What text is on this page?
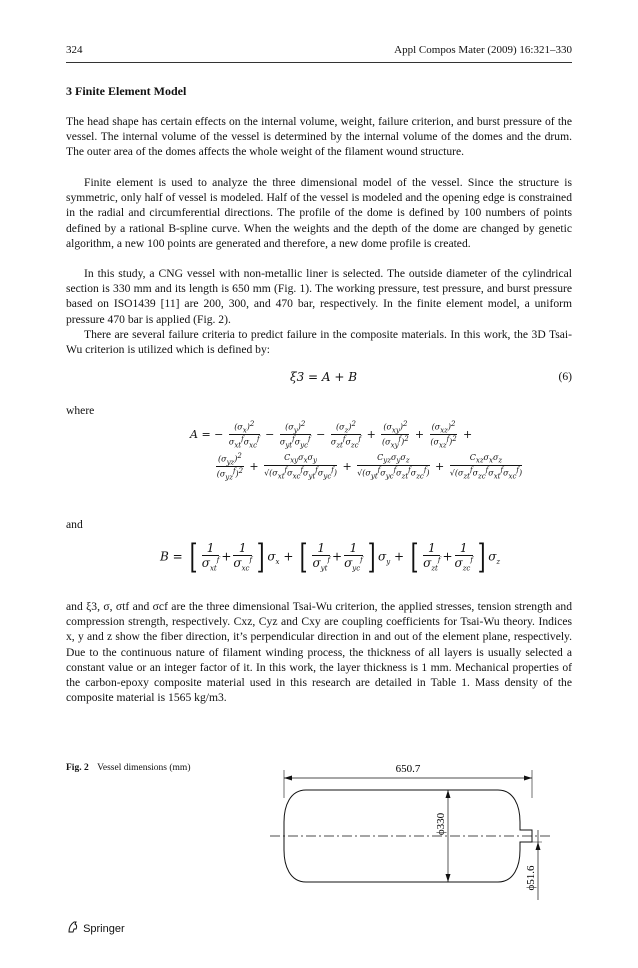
324	Appl Compos Mater (2009) 16:321–330
3 Finite Element Model

The head shape has certain effects on the internal volume, weight, failure criterion, and burst pressure of the vessel. The internal volume of the vessel is determined by the internal volume of the domes and the drum. The outer area of the domes affects the whole weight of the filament wound structure.

Finite element is used to analyze the three dimensional model of the vessel. Since the structure is symmetric, only half of vessel is modeled. Half of the vessel is modeled and the opening edge is constrained in the radial and circumferential directions. The profile of the dome is defined by 100 numbers of points defined by a rational B-spline curve. When the weights and the depth of the dome are changed by genetic algorithm, a new 100 points are generated and therefore, a new dome profile is created.

In this study, a CNG vessel with non-metallic liner is selected. The outside diameter of the cylindrical section is 330 mm and its length is 650 mm (Fig. 1). The working pressure, test pressure, and burst pressure based on ISO1439 [11] are 200, 300, and 470 bar, respectively. In the finite element model, a uniform pressure 470 bar is applied (Fig. 2).

There are several failure criteria to predict failure in the composite materials. In this work, the 3D Tsai-Wu criterion is utilized which is defined by:

ξ3 = A + B	(6)
where
A = − $\frac{(\sigma x)2}{\text{σxtfσxcf}} - \frac{(\sigma y)2}{\text{σytfσycf}} - \frac{(\sigma z)2}{\text{σztfσzcf}} + \frac{\text{(σxy)2}}{\text{(σxyf)2}} + \frac{\text{(σxz)2}}{\text{(σxzf)2}}$ +
$\frac{\text{(σyz)2}}{\text{(σyzf)2}} + \frac{\text{Cxyσxσy}}{\text{√(σxtfσxcfσytfσycf)}} + \frac{\text{Cyzσyσz}}{\text{√(σytfσycfσztfσzcf)}} + \frac{\text{Cxzσxσz}}{\text{√(σztfσzcfσxtfσxcf)}}$
and
B = [ $\frac{1}{\sigma_{xt}^f} + \frac{1}{\sigma_{xc}^f}$ ] $\sigma_x$ + [ $\frac{1}{\sigma_{yt}^f} + \frac{1}{\sigma_{yc}^f}$ ] $\sigma_y$ + [ $\frac{1}{\sigma_{zt}^f} + \frac{1}{\sigma_{zc}^f}$ ] $\sigma_z$

and ξ3, σ, σtf and σcf are the three dimensional Tsai-Wu criterion, the applied stresses, tension strength and compression strength, respectively. Cxz, Cyz and Cxy are coupling coefficients for Tsai-Wu theory. Indices x, y and z show the fiber direction, it’s perpendicular direction in and out of the element plane, respectively. Due to the continuous nature of filament winding process, the thickness of all layers is usually selected a constant value or an integer factor of it. In this work, the layer thickness is 1 mm. Mechanical properties of the carbon-epoxy composite material used in this research are detailed in Table 1. Mass density of the composite material is 1565 kg/m3.

Fig. 2 Vessel dimensions (mm)	650.7
ϕ330
ϕ51.6
Springer
